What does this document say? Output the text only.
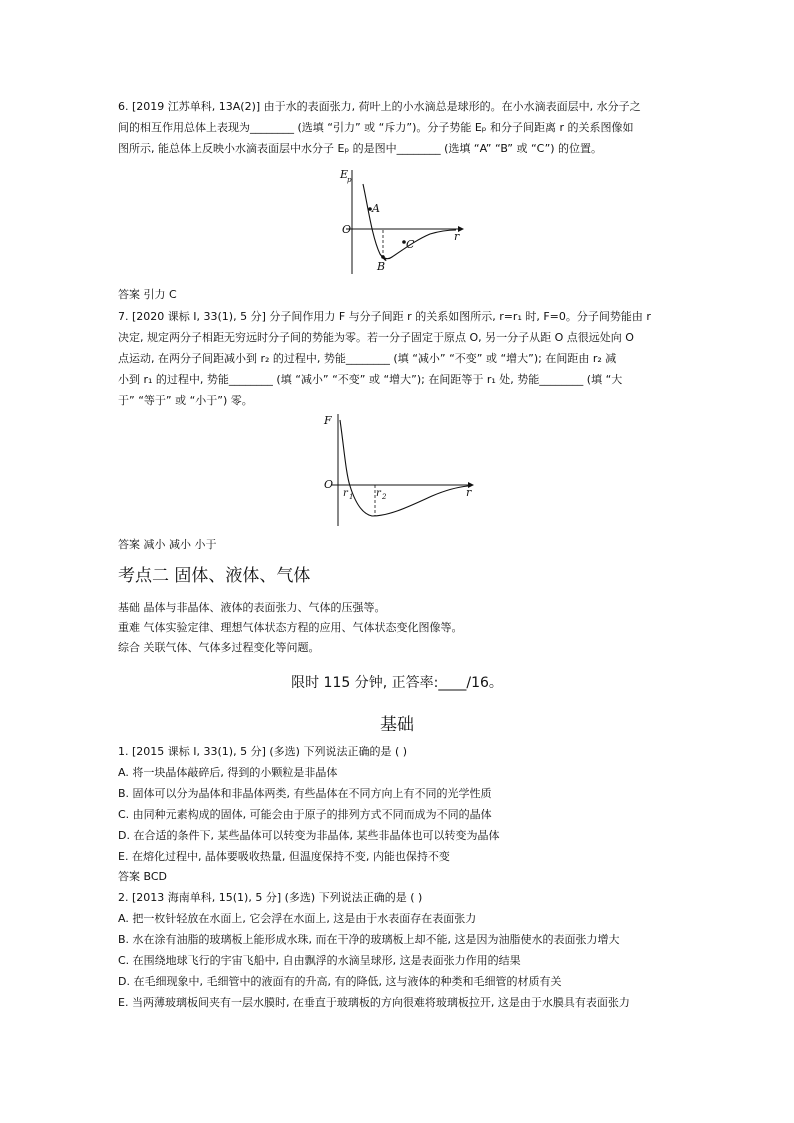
6. [2019 江苏单科, 13A(2)] 由于水的表面张力, 荷叶上的小水滴总是球形的。在小水滴表面层中, 水分子之
间的相互作用总体上表现为________ (选填 “引力” 或 “斥力”)。分子势能 Eₚ 和分子间距离 r 的关系图像如
图所示, 能总体上反映小水滴表面层中水分子 Eₚ 的是图中________ (选填 “A” “B” 或 “C”) 的位置。
E
p
O
r
A
B
C
答案 引力 C
7. [2020 课标 I, 33(1), 5 分] 分子间作用力 F 与分子间距 r 的关系如图所示, r=r₁ 时, F=0。分子间势能由 r
决定, 规定两分子相距无穷远时分子间的势能为零。若一分子固定于原点 O, 另一分子从距 O 点很远处向 O
点运动, 在两分子间距减小到 r₂ 的过程中, 势能________ (填 “减小” “不变” 或 “增大”); 在间距由 r₂ 减
小到 r₁ 的过程中, 势能________ (填 “减小” “不变” 或 “增大”); 在间距等于 r₁ 处, 势能________ (填 “大
于” “等于” 或 “小于”) 零。
F
O
r
r 1 r 2
答案 减小 减小 小于
考点二 固体、液体、气体
基础 晶体与非晶体、液体的表面张力、气体的压强等。
重难 气体实验定律、理想气体状态方程的应用、气体状态变化图像等。
综合 关联气体、气体多过程变化等问题。
限时 115 分钟, 正答率:____/16。
基础
1. [2015 课标 I, 33(1), 5 分] (多选) 下列说法正确的是 ( )
A. 将一块晶体敲碎后, 得到的小颗粒是非晶体
B. 固体可以分为晶体和非晶体两类, 有些晶体在不同方向上有不同的光学性质
C. 由同种元素构成的固体, 可能会由于原子的排列方式不同而成为不同的晶体
D. 在合适的条件下, 某些晶体可以转变为非晶体, 某些非晶体也可以转变为晶体
E. 在熔化过程中, 晶体要吸收热量, 但温度保持不变, 内能也保持不变
答案 BCD
2. [2013 海南单科, 15(1), 5 分] (多选) 下列说法正确的是 ( )
A. 把一枚针轻放在水面上, 它会浮在水面上, 这是由于水表面存在表面张力
B. 水在涂有油脂的玻璃板上能形成水珠, 而在干净的玻璃板上却不能, 这是因为油脂使水的表面张力增大
C. 在围绕地球飞行的宇宙飞船中, 自由飘浮的水滴呈球形, 这是表面张力作用的结果
D. 在毛细现象中, 毛细管中的液面有的升高, 有的降低, 这与液体的种类和毛细管的材质有关
E. 当两薄玻璃板间夹有一层水膜时, 在垂直于玻璃板的方向很难将玻璃板拉开, 这是由于水膜具有表面张力
